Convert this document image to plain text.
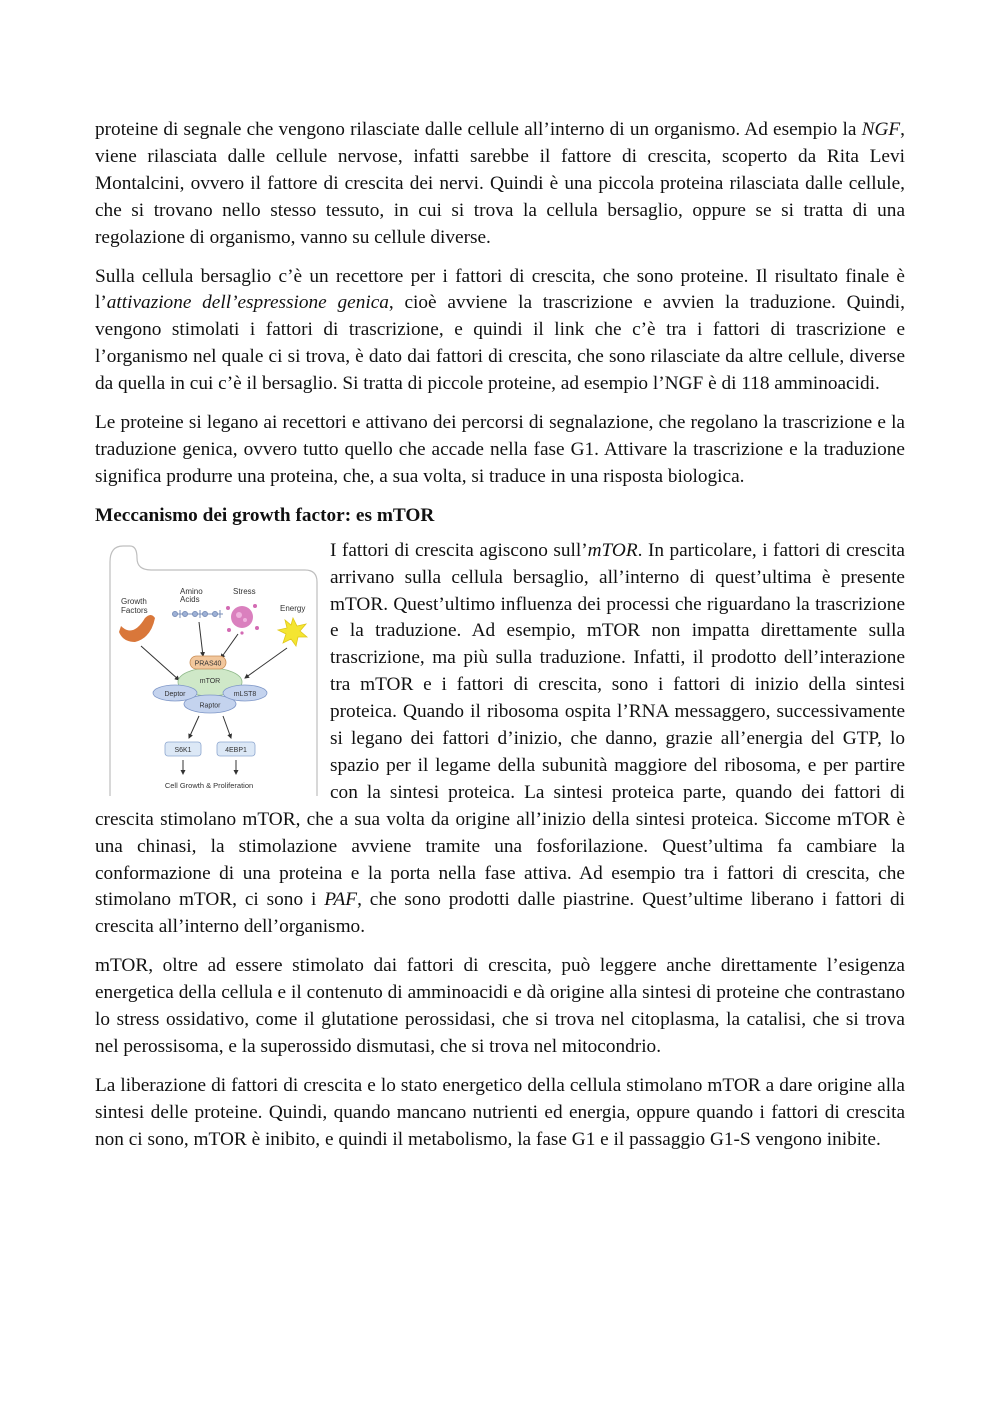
proteine di segnale che vengono rilasciate dalle cellule all’interno di un organismo. Ad esempio la NGF, viene rilasciata dalle cellule nervose, infatti sarebbe il fattore di crescita, scoperto da Rita Levi Montalcini, ovvero il fattore di crescita dei nervi. Quindi è una piccola proteina rilasciata dalle cellule, che si trovano nello stesso tessuto, in cui si trova la cellula bersaglio, oppure se si tratta di una regolazione di organismo, vanno su cellule diverse.

Sulla cellula bersaglio c’è un recettore per i fattori di crescita, che sono proteine. Il risultato finale è l’attivazione dell’espressione genica, cioè avviene la trascrizione e avvien la traduzione. Quindi, vengono stimolati i fattori di trascrizione, e quindi il link che c’è tra i fattori di trascrizione e l’organismo nel quale ci si trova, è dato dai fattori di crescita, che sono rilasciate da altre cellule, diverse da quella in cui c’è il bersaglio. Si tratta di piccole proteine, ad esempio l’NGF è di 118 amminoacidi.

Le proteine si legano ai recettori e attivano dei percorsi di segnalazione, che regolano la trascrizione e la traduzione genica, ovvero tutto quello che accade nella fase G1. Attivare la trascrizione e la traduzione significa produrre una proteina, che, a sua volta, si traduce in una risposta biologica.

Meccanismo dei growth factor: es mTOR

Growth
Factors
Amino
Acids
Stress
Energy
PRAS40
mTOR
Raptor
Deptor	mLST8
S6K1	4EBP1
Cell Growth & Proliferation

I fattori di crescita agiscono sull’mTOR. In particolare, i fattori di crescita arrivano sulla cellula bersaglio, all’interno di quest’ultima è presente mTOR. Quest’ultimo influenza dei processi che riguardano la trascrizione e la traduzione. Ad esempio, mTOR non impatta direttamente sulla trascrizione, ma più sulla traduzione. Infatti, il prodotto dell’interazione tra mTOR e i fattori di crescita, sono i fattori di inizio della sintesi proteica. Quando il ribosoma ospita l’RNA messaggero, successivamente si legano dei fattori d’inizio, che danno, grazie all’energia del GTP, lo spazio per il legame della subunità maggiore del ribosoma, e per partire con la sintesi proteica. La sintesi proteica parte, quando dei fattori di crescita stimolano mTOR, che a sua volta da origine all’inizio della sintesi proteica. Siccome mTOR è una chinasi, la stimolazione avviene tramite una fosforilazione. Quest’ultima fa cambiare la conformazione di una proteina e la porta nella fase attiva. Ad esempio tra i fattori di crescita, che stimolano mTOR, ci sono i PAF, che sono prodotti dalle piastrine. Quest’ultime liberano i fattori di crescita all’interno dell’organismo.

mTOR, oltre ad essere stimolato dai fattori di crescita, può leggere anche direttamente l’esigenza energetica della cellula e il contenuto di amminoacidi e dà origine alla sintesi di proteine che contrastano lo stress ossidativo, come il glutatione perossidasi, che si trova nel citoplasma, la catalisi, che si trova nel perossisoma, e la superossido dismutasi, che si trova nel mitocondrio.

La liberazione di fattori di crescita e lo stato energetico della cellula stimolano mTOR a dare origine alla sintesi delle proteine. Quindi, quando mancano nutrienti ed energia, oppure quando i fattori di crescita non ci sono, mTOR è inibito, e quindi il metabolismo, la fase G1 e il passaggio G1-S vengono inibite.
